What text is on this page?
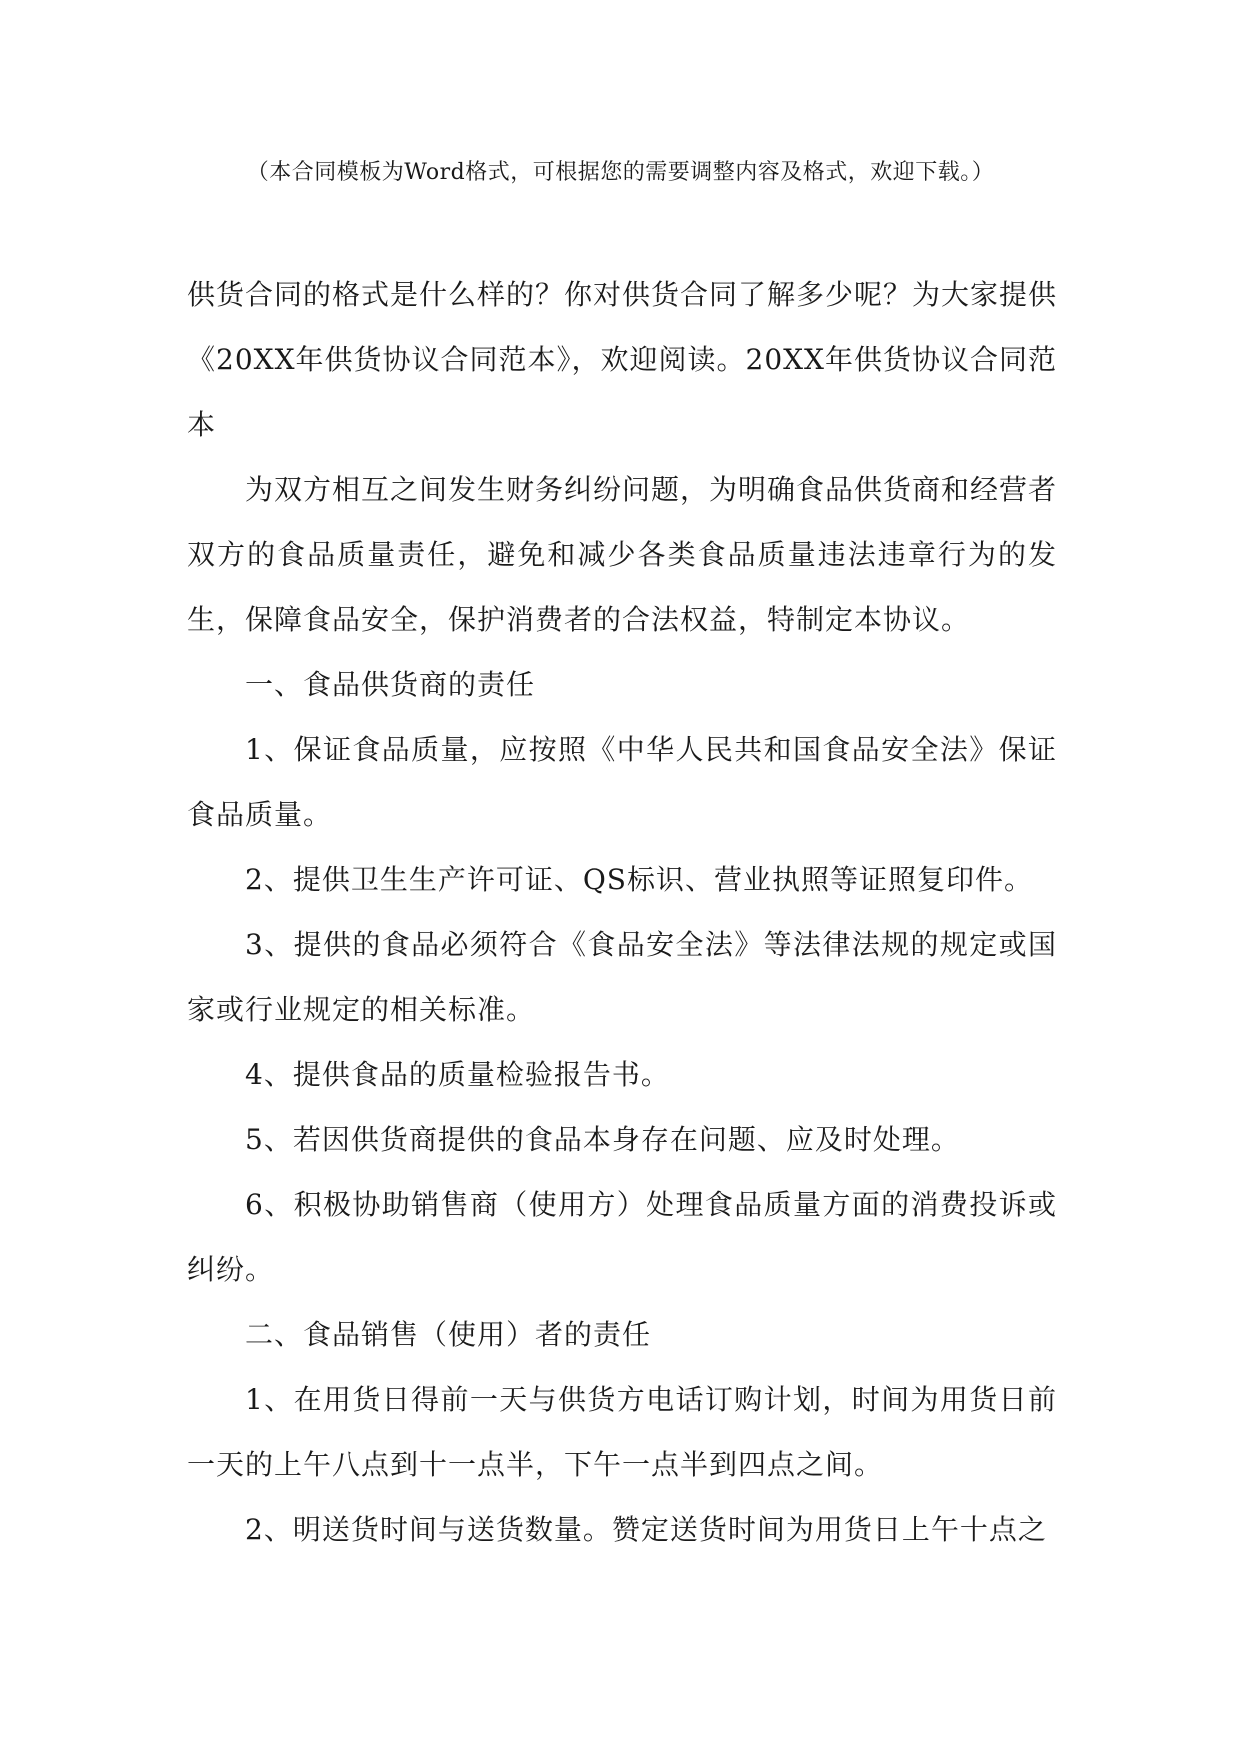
（本合同模板为Word格式，可根据您的需要调整内容及格式，欢迎下载。）

供货合同的格式是什么样的？你对供货合同了解多少呢？为大家提供《20XX年供货协议合同范本》，欢迎阅读。20XX年供货协议合同范本

为双方相互之间发生财务纠纷问题，为明确食品供货商和经营者双方的食品质量责任，避免和减少各类食品质量违法违章行为的发生，保障食品安全，保护消费者的合法权益，特制定本协议。

一、食品供货商的责任

1、保证食品质量，应按照《中华人民共和国食品安全法》保证食品质量。

2、提供卫生生产许可证、QS标识、营业执照等证照复印件。

3、提供的食品必须符合《食品安全法》等法律法规的规定或国家或行业规定的相关标准。

4、提供食品的质量检验报告书。

5、若因供货商提供的食品本身存在问题、应及时处理。

6、积极协助销售商（使用方）处理食品质量方面的消费投诉或纠纷。

二、食品销售（使用）者的责任

1、在用货日得前一天与供货方电话订购计划，时间为用货日前一天的上午八点到十一点半，下午一点半到四点之间。

2、明送货时间与送货数量。赞定送货时间为用货日上午十点之
